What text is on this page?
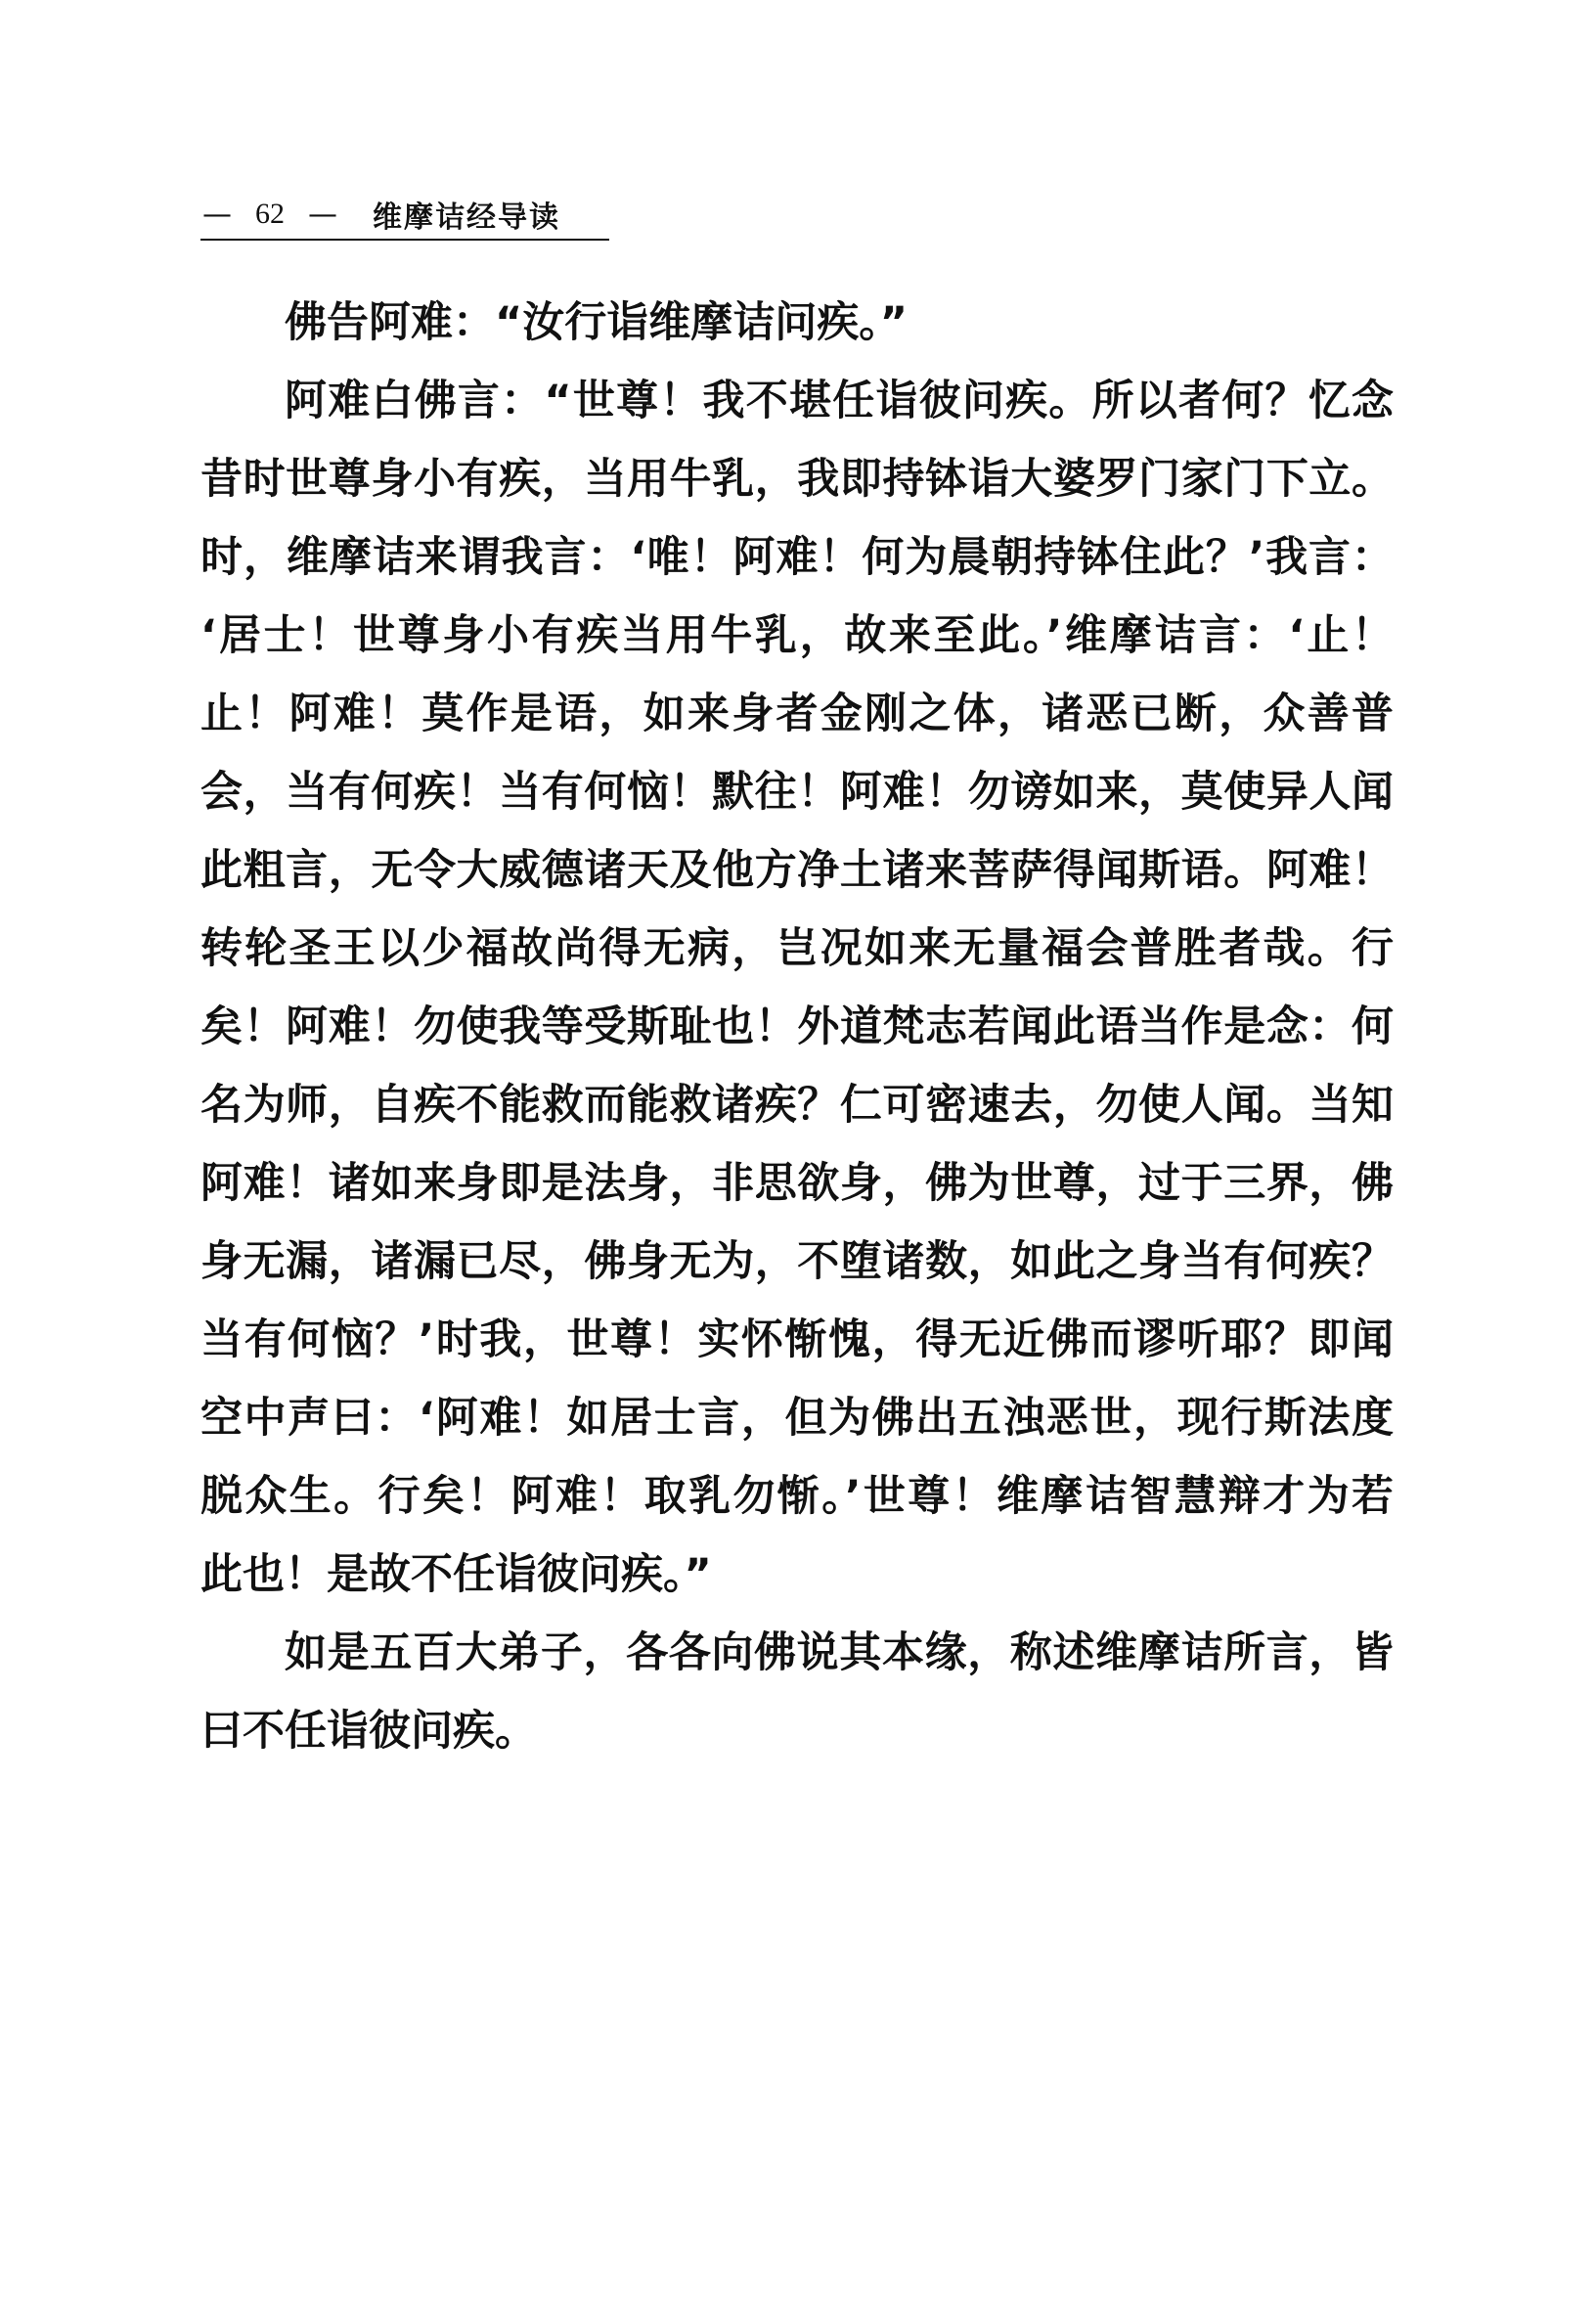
— 62 — 维摩诘经导读
佛告阿难：“汝行诣维摩诘问疾。”
阿难白佛言：“世尊！我不堪任诣彼问疾。所以者何？忆念
昔时世尊身小有疾，当用牛乳，我即持钵诣大婆罗门家门下立。
时，维摩诘来谓我言：‘唯！阿难！何为晨朝持钵住此？’我言：
‘居士！世尊身小有疾当用牛乳，故来至此。’维摩诘言：‘止！
止！阿难！莫作是语，如来身者金刚之体，诸恶已断，众善普
会，当有何疾！当有何恼！默往！阿难！勿谤如来，莫使异人闻
此粗言，无令大威德诸天及他方净土诸来菩萨得闻斯语。阿难！
转轮圣王以少福故尚得无病，岂况如来无量福会普胜者哉。行
矣！阿难！勿使我等受斯耻也！外道梵志若闻此语当作是念：何
名为师，自疾不能救而能救诸疾？仁可密速去，勿使人闻。当知
阿难！诸如来身即是法身，非思欲身，佛为世尊，过于三界，佛
身无漏，诸漏已尽，佛身无为，不堕诸数，如此之身当有何疾？
当有何恼？’时我，世尊！实怀惭愧，得无近佛而谬听耶？即闻
空中声曰：‘阿难！如居士言，但为佛出五浊恶世，现行斯法度
脱众生。行矣！阿难！取乳勿惭。’世尊！维摩诘智慧辩才为若
此也！是故不任诣彼问疾。”
如是五百大弟子，各各向佛说其本缘，称述维摩诘所言，皆
曰不任诣彼问疾。
